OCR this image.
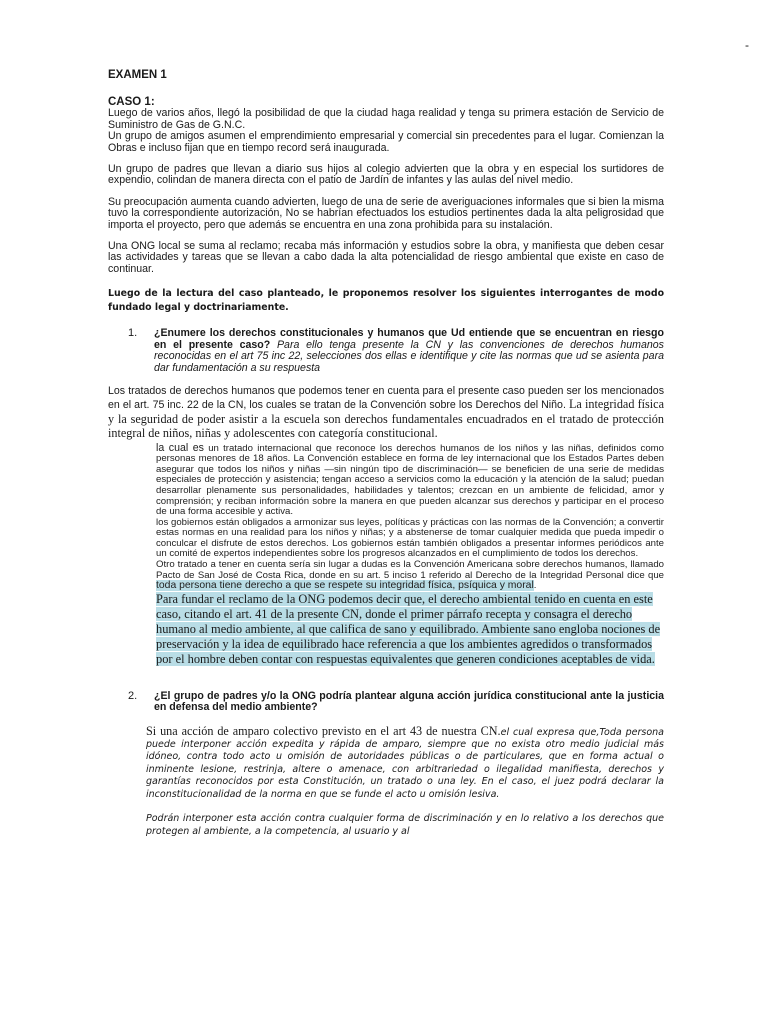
-

EXAMEN 1

CASO 1:

Luego de varios años, llegó la posibilidad de que la ciudad haga realidad y tenga su primera estación de Servicio de Suministro de Gas de G.N.C.

Un grupo de amigos asumen el emprendimiento empresarial y comercial sin precedentes para el lugar. Comienzan la Obras e incluso fijan que en tiempo record será inaugurada.

Un grupo de padres que llevan a diario sus hijos al colegio advierten que la obra y en especial los surtidores de expendio, colindan de manera directa con el patio de Jardín de infantes y las aulas del nivel medio.

Su preocupación aumenta cuando advierten, luego de una de serie de averiguaciones informales que si bien la misma tuvo la correspondiente autorización, No se habrían efectuados los estudios pertinentes dada la alta peligrosidad que importa el proyecto, pero que además se encuentra en una zona prohibida para su instalación.

Una ONG local se suma al reclamo; recaba más información y estudios sobre la obra, y manifiesta que deben cesar las actividades y tareas que se llevan a cabo dada la alta potencialidad de riesgo ambiental que existe en caso de continuar.

Luego de la lectura del caso planteado, le proponemos resolver los siguientes interrogantes de modo fundado legal y doctrinariamente.

1. ¿Enumere los derechos constitucionales y humanos que Ud entiende que se encuentran en riesgo en el presente caso? Para ello tenga presente la CN y las convenciones de derechos humanos reconocidas en el art 75 inc 22, selecciones dos ellas e identifique y cite las normas que ud se asienta para dar fundamentación a su respuesta
Los tratados de derechos humanos que podemos tener en cuenta para el presente caso pueden ser los mencionados en el art. 75 inc. 22 de la CN, los cuales se tratan de la Convención sobre los Derechos del Niño. La integridad física y la seguridad de poder asistir a la escuela son derechos fundamentales encuadrados en el tratado de protección integral de niños, niñas y adolescentes con categoría constitucional.
la cual es un tratado internacional que reconoce los derechos humanos de los niños y las niñas, definidos como personas menores de 18 años. La Convención establece en forma de ley internacional que los Estados Partes deben asegurar que todos los niños y niñas —sin ningún tipo de discriminación— se beneficien de una serie de medidas especiales de protección y asistencia; tengan acceso a servicios como la educación y la atención de la salud; puedan desarrollar plenamente sus personalidades, habilidades y talentos; crezcan en un ambiente de felicidad, amor y comprensión; y reciban información sobre la manera en que pueden alcanzar sus derechos y participar en el proceso de una forma accesible y activa.
los gobiernos están obligados a armonizar sus leyes, políticas y prácticas con las normas de la Convención; a convertir estas normas en una realidad para los niños y niñas; y a abstenerse de tomar cualquier medida que pueda impedir o conculcar el disfrute de estos derechos. Los gobiernos están también obligados a presentar informes periódicos ante un comité de expertos independientes sobre los progresos alcanzados en el cumplimiento de todos los derechos.
Otro tratado a tener en cuenta sería sin lugar a dudas es la Convención Americana sobre derechos humanos, llamado Pacto de San José de Costa Rica, donde en su art. 5 inciso 1 referido al Derecho de la Integridad Personal dice que toda persona tiene derecho a que se respete su integridad física, psíquica y moral.
Para fundar el reclamo de la ONG podemos decir que, el derecho ambiental tenido en cuenta en este caso, citando el art. 41 de la presente CN, donde el primer párrafo recepta y consagra el derecho humano al medio ambiente, al que califica de sano y equilibrado. Ambiente sano engloba nociones de preservación y la idea de equilibrado hace referencia a que los ambientes agredidos o transformados por el hombre deben contar con respuestas equivalentes que generen condiciones aceptables de vida.
2. ¿El grupo de padres y/o la ONG podría plantear alguna acción jurídica constitucional ante la justicia en defensa del medio ambiente?
Si una acción de amparo colectivo previsto en el art 43 de nuestra CN.el cual expresa que,Toda persona puede interponer acción expedita y rápida de amparo, siempre que no exista otro medio judicial más idóneo, contra todo acto u omisión de autoridades públicas o de particulares, que en forma actual o inminente lesione, restrinja, altere o amenace, con arbitrariedad o ilegalidad manifiesta, derechos y garantías reconocidos por esta Constitución, un tratado o una ley. En el caso, el juez podrá declarar la inconstitucionalidad de la norma en que se funde el acto u omisión lesiva.
Podrán interponer esta acción contra cualquier forma de discriminación y en lo relativo a los derechos que protegen al ambiente, a la competencia, al usuario y al
